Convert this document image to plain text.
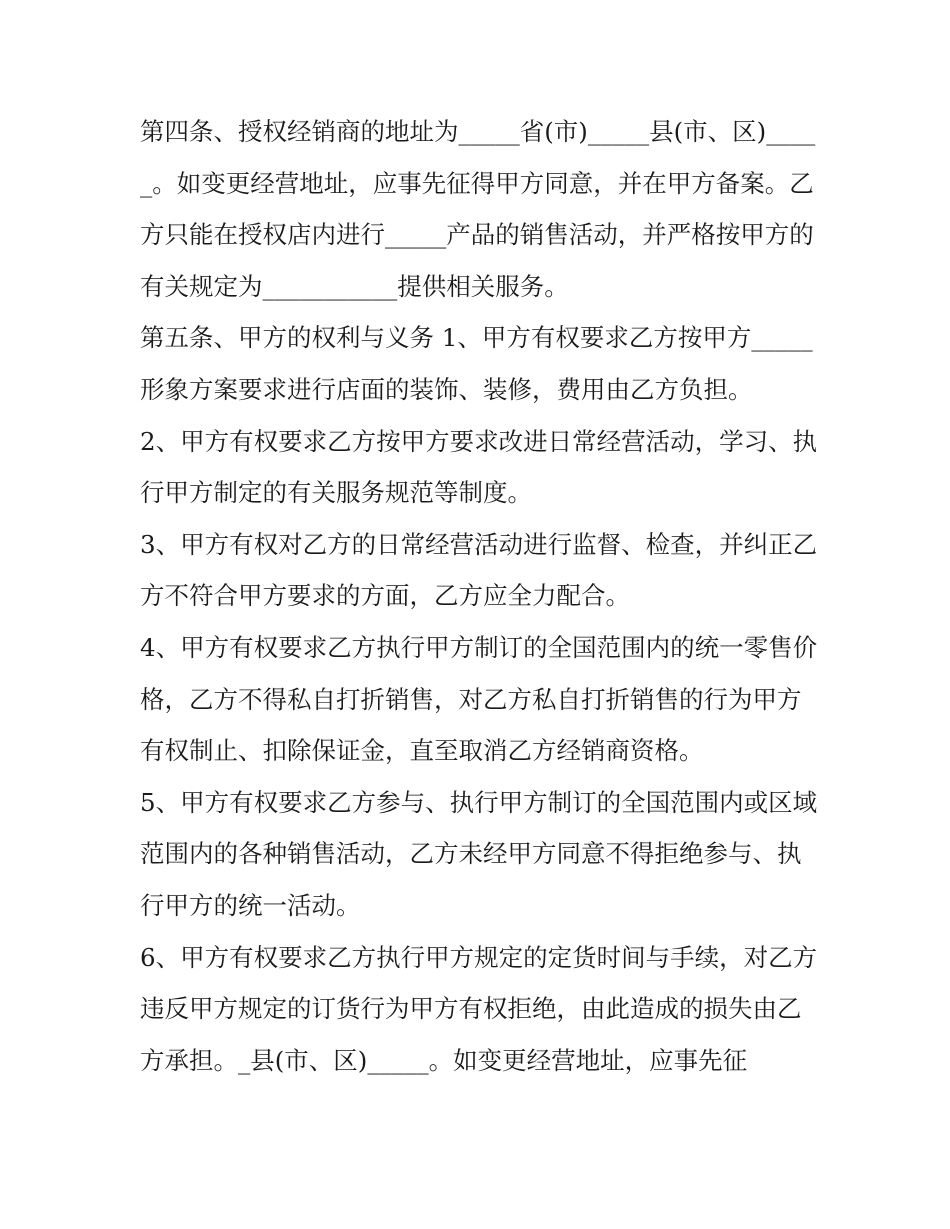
第四条、授权经销商的地址为_____省(市)_____县(市、区)_____。如变更经营地址，应事先征得甲方同意，并在甲方备案。乙方只能在授权店内进行_____产品的销售活动，并严格按甲方的有关规定为___________提供相关服务。

第五条、甲方的权利与义务 1、甲方有权要求乙方按甲方_____形象方案要求进行店面的装饰、装修，费用由乙方负担。

2、甲方有权要求乙方按甲方要求改进日常经营活动，学习、执行甲方制定的有关服务规范等制度。

3、甲方有权对乙方的日常经营活动进行监督、检查，并纠正乙方不符合甲方要求的方面，乙方应全力配合。

4、甲方有权要求乙方执行甲方制订的全国范围内的统一零售价格，乙方不得私自打折销售，对乙方私自打折销售的行为甲方有权制止、扣除保证金，直至取消乙方经销商资格。

5、甲方有权要求乙方参与、执行甲方制订的全国范围内或区域范围内的各种销售活动，乙方未经甲方同意不得拒绝参与、执行甲方的统一活动。

6、甲方有权要求乙方执行甲方规定的定货时间与手续，对乙方违反甲方规定的订货行为甲方有权拒绝，由此造成的损失由乙方承担。_县(市、区)_____。如变更经营地址，应事先征
